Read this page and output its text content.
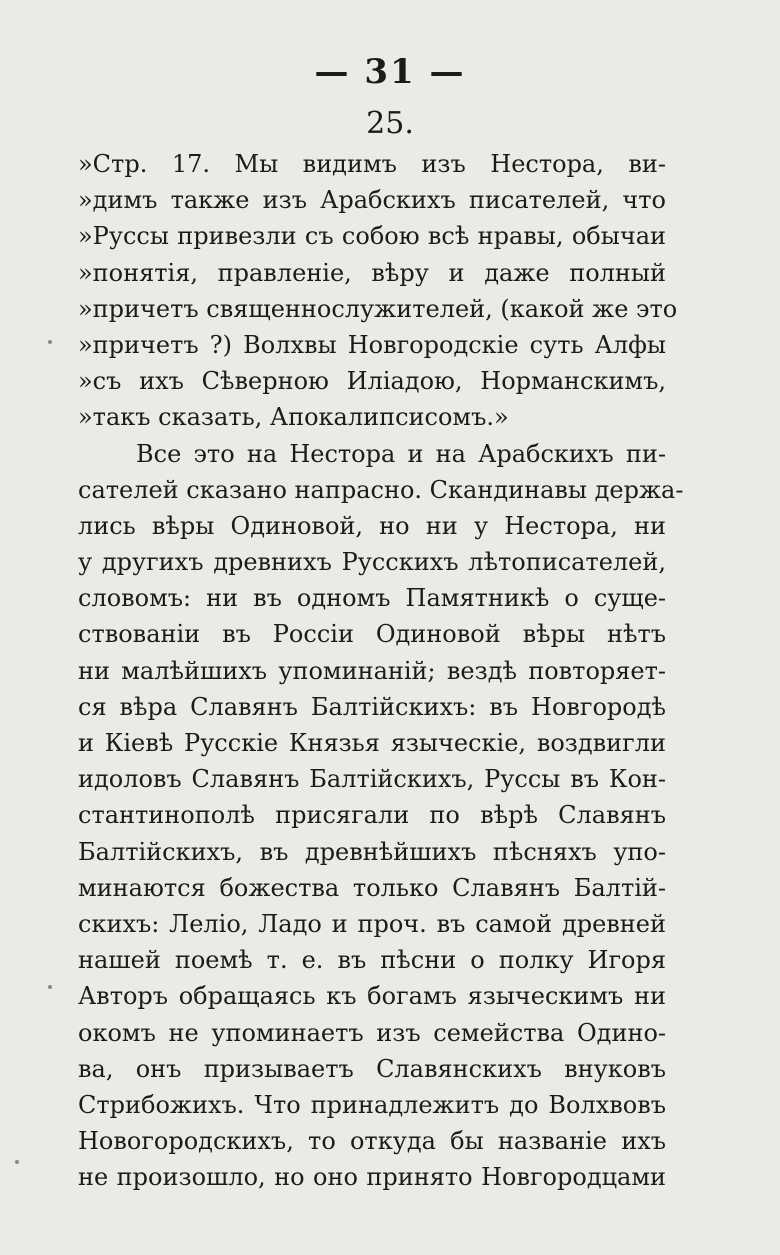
— 31 —
25.
»Стр. 17. Мы видимъ изъ Нестора, ви-
»димъ также изъ Арабскихъ писателей, что
»Руссы привезли съ собою всѣ нравы, обычаи
»понятія, правленіе, вѣру и даже полный
»причетъ священнослужителей, (какой же это
»причетъ ?) Волхвы Новгородскіе суть Алфы
»съ ихъ Сѣверною Иліадою, Норманскимъ,
»такъ сказать, Апокалипсисомъ.»
Все это на Нестора и на Арабскихъ пи-
сателей сказано напрасно. Скандинавы держа-
лись вѣры Одиновой, но ни у Нестора, ни
у другихъ древнихъ Русскихъ лѣтописателей,
словомъ: ни въ одномъ Памятникѣ о суще-
ствованіи въ Россіи Одиновой вѣры нѣтъ
ни малѣйшихъ упоминаній; вездѣ повторяет-
ся вѣра Славянъ Балтійскихъ: въ Новгородѣ
и Кіевѣ Русскіе Князья языческіе, воздвигли
идоловъ Славянъ Балтійскихъ, Руссы въ Кон-
стантинополѣ присягали по вѣрѣ Славянъ
Балтійскихъ, въ древнѣйшихъ пѣсняхъ упо-
минаются божества только Славянъ Балтій-
скихъ: Леліо, Ладо и проч. въ самой древней
нашей поемѣ т. е. въ пѣсни о полку Игоря
Авторъ обращаясь къ богамъ языческимъ ни
окомъ не упоминаетъ изъ семейства Одино-
ва, онъ призываетъ Славянскихъ внуковъ
Стрибожихъ. Что принадлежитъ до Волхвовъ
Новогородскихъ, то откуда бы названіе ихъ
не произошло, но оно принято Новгородцами
